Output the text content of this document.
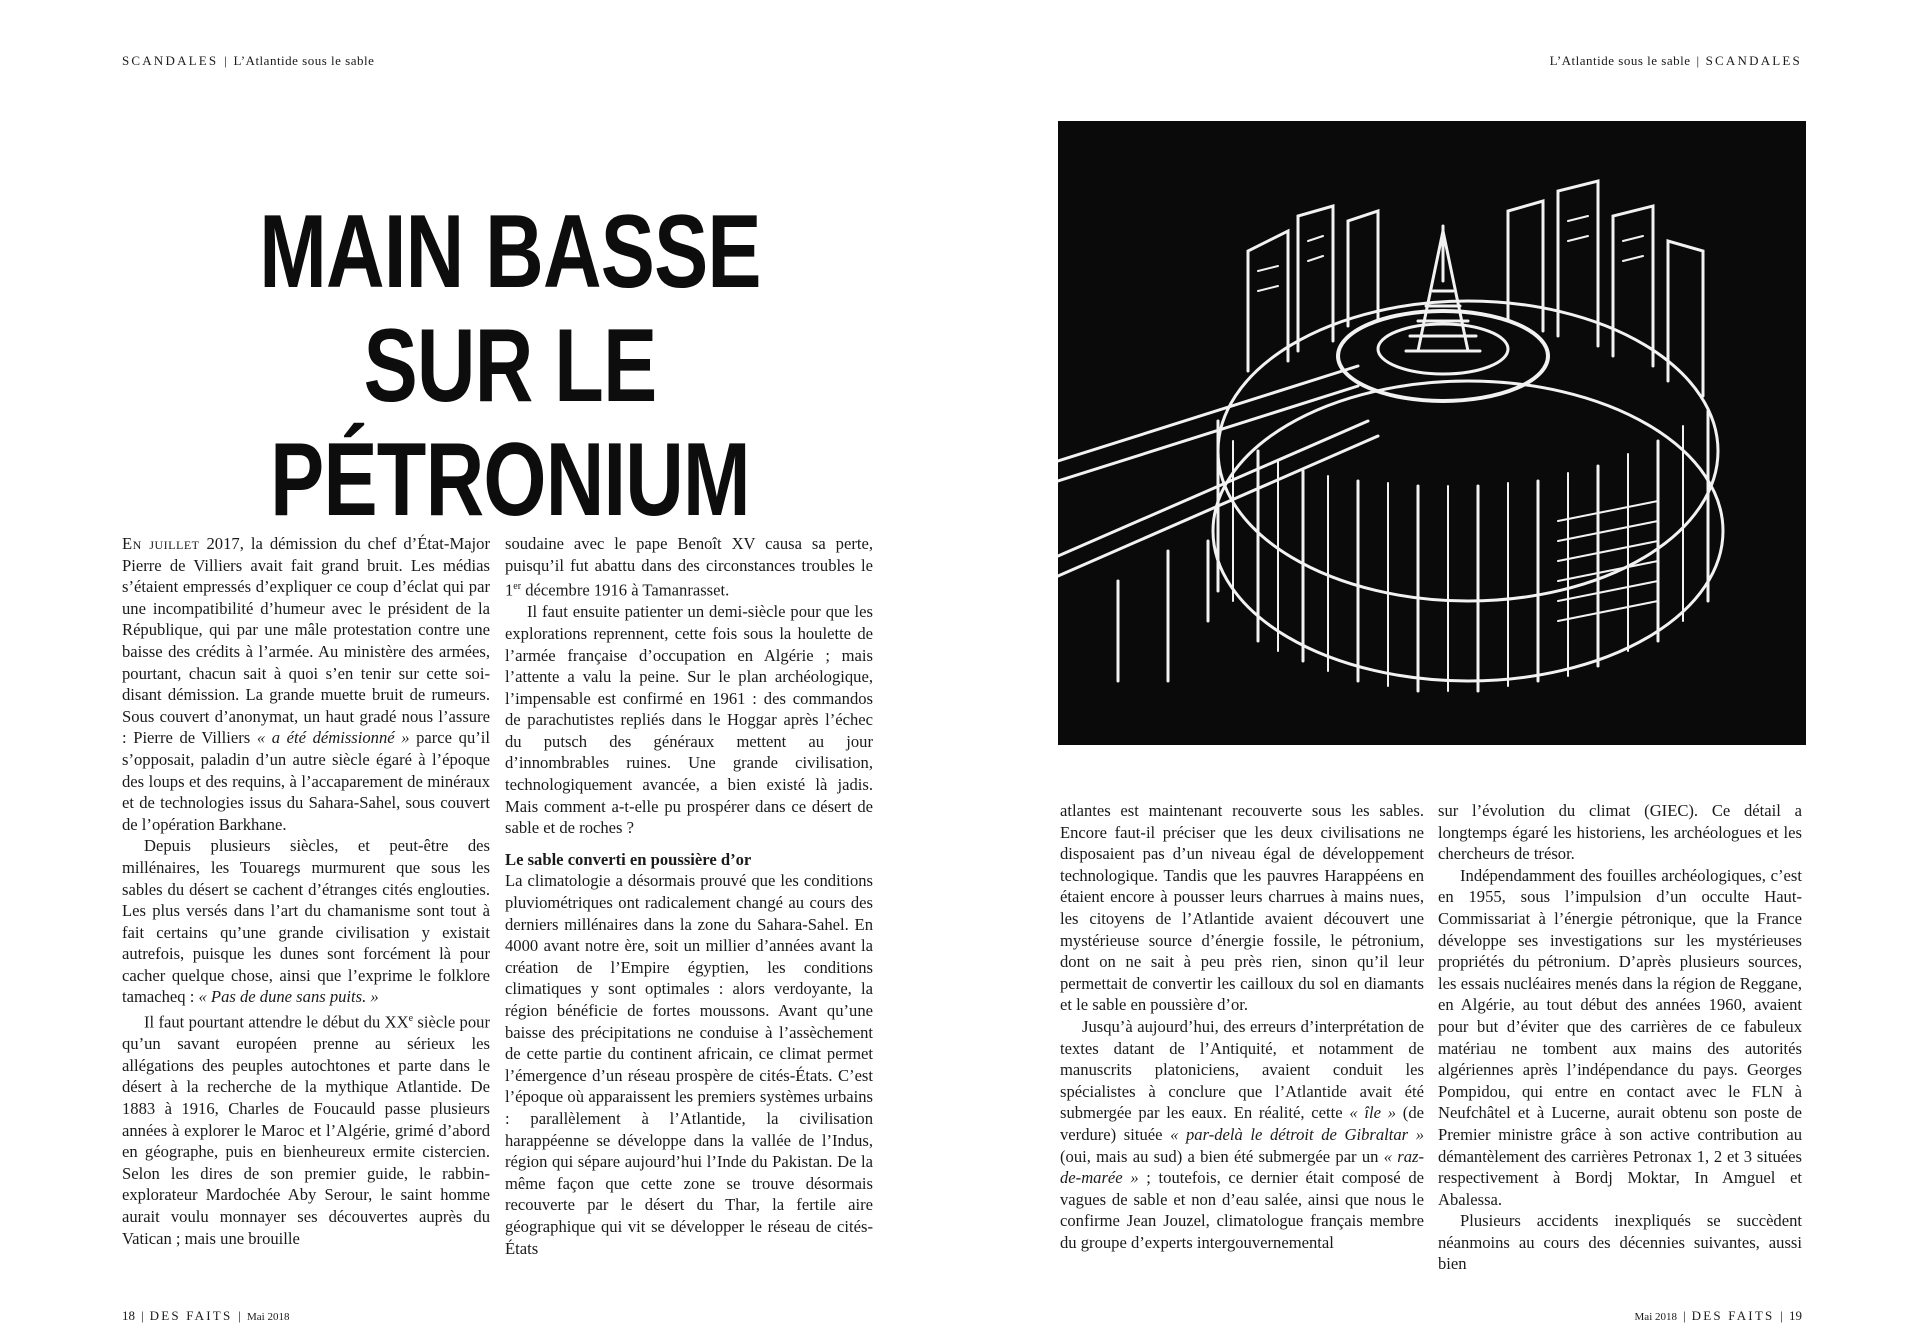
SCANDALES | L’Atlantide sous le sable	L’Atlantide sous le sable | SCANDALES
MAIN BASSE
SUR LE PÉTRONIUM

En juillet 2017, la démission du chef d’État-Major Pierre de Villiers avait fait grand bruit. Les médias s’étaient empressés d’expliquer ce coup d’éclat qui par une incompatibilité d’humeur avec le président de la République, qui par une mâle protestation contre une baisse des crédits à l’armée. Au ministère des armées, pourtant, chacun sait à quoi s’en tenir sur cette soi-disant démission. La grande muette bruit de rumeurs. Sous couvert d’anonymat, un haut gradé nous l’assure : Pierre de Villiers « a été démissionné » parce qu’il s’opposait, paladin d’un autre siècle égaré à l’époque des loups et des requins, à l’accaparement de minéraux et de technologies issus du Sahara-Sahel, sous couvert de l’opération Barkhane.

Depuis plusieurs siècles, et peut-être des millénaires, les Touaregs murmurent que sous les sables du désert se cachent d’étranges cités englouties. Les plus versés dans l’art du chamanisme sont tout à fait certains qu’une grande civilisation y existait autrefois, puisque les dunes sont forcément là pour cacher quelque chose, ainsi que l’exprime le folklore tamacheq : « Pas de dune sans puits. »

Il faut pourtant attendre le début du XXe siècle pour qu’un savant européen prenne au sérieux les allégations des peuples autochtones et parte dans le désert à la recherche de la mythique Atlantide. De 1883 à 1916, Charles de Foucauld passe plusieurs années à explorer le Maroc et l’Algérie, grimé d’abord en géographe, puis en bienheureux ermite cistercien. Selon les dires de son premier guide, le rabbin-explorateur Mardochée Aby Serour, le saint homme aurait voulu monnayer ses découvertes auprès du Vatican ; mais une brouille

soudaine avec le pape Benoît XV causa sa perte, puisqu’il fut abattu dans des circonstances troubles le 1er décembre 1916 à Tamanrasset.

Il faut ensuite patienter un demi-siècle pour que les explorations reprennent, cette fois sous la houlette de l’armée française d’occupation en Algérie ; mais l’attente a valu la peine. Sur le plan archéologique, l’impensable est confirmé en 1961 : des commandos de parachutistes repliés dans le Hoggar après l’échec du putsch des généraux mettent au jour d’innombrables ruines. Une grande civilisation, technologiquement avancée, a bien existé là jadis. Mais comment a-t-elle pu prospérer dans ce désert de sable et de roches ?

Le sable converti en poussière d’or

La climatologie a désormais prouvé que les conditions pluviométriques ont radicalement changé au cours des derniers millénaires dans la zone du Sahara-Sahel. En 4000 avant notre ère, soit un millier d’années avant la création de l’Empire égyptien, les conditions climatiques y sont optimales : alors verdoyante, la région bénéficie de fortes moussons. Avant qu’une baisse des précipitations ne conduise à l’assèchement de cette partie du continent africain, ce climat permet l’émergence d’un réseau prospère de cités-États. C’est l’époque où apparaissent les premiers systèmes urbains : parallèlement à l’Atlantide, la civilisation harappéenne se développe dans la vallée de l’Indus, région qui sépare aujourd’hui l’Inde du Pakistan. De la même façon que cette zone se trouve désormais recouverte par le désert du Thar, la fertile aire géographique qui vit se développer le réseau de cités-États

atlantes est maintenant recouverte sous les sables. Encore faut-il préciser que les deux civilisations ne disposaient pas d’un niveau égal de développement technologique. Tandis que les pauvres Harappéens en étaient encore à pousser leurs charrues à mains nues, les citoyens de l’Atlantide avaient découvert une mystérieuse source d’énergie fossile, le pétronium, dont on ne sait à peu près rien, sinon qu’il leur permettait de convertir les cailloux du sol en diamants et le sable en poussière d’or.

Jusqu’à aujourd’hui, des erreurs d’interprétation de textes datant de l’Antiquité, et notamment de manuscrits platoniciens, avaient conduit les spécialistes à conclure que l’Atlantide avait été submergée par les eaux. En réalité, cette « île » (de verdure) située « par-delà le détroit de Gibraltar » (oui, mais au sud) a bien été submergée par un « raz-de-marée » ; toutefois, ce dernier était composé de vagues de sable et non d’eau salée, ainsi que nous le confirme Jean Jouzel, climatologue français membre du groupe d’experts intergouvernemental

sur l’évolution du climat (GIEC). Ce détail a longtemps égaré les historiens, les archéologues et les chercheurs de trésor.

Indépendamment des fouilles archéologiques, c’est en 1955, sous l’impulsion d’un occulte Haut-Commissariat à l’énergie pétronique, que la France développe ses investigations sur les mystérieuses propriétés du pétronium. D’après plusieurs sources, les essais nucléaires menés dans la région de Reggane, en Algérie, au tout début des années 1960, avaient pour but d’éviter que des carrières de ce fabuleux matériau ne tombent aux mains des autorités algériennes après l’indépendance du pays. Georges Pompidou, qui entre en contact avec le FLN à Neufchâtel et à Lucerne, aurait obtenu son poste de Premier ministre grâce à son active contribution au démantèlement des carrières Petronax 1, 2 et 3 situées respectivement à Bordj Moktar, In Amguel et Abalessa.

Plusieurs accidents inexpliqués se succèdent néanmoins au cours des décennies suivantes, aussi bien

18 | DES FAITS | Mai 2018	Mai 2018 | DES FAITS | 19
